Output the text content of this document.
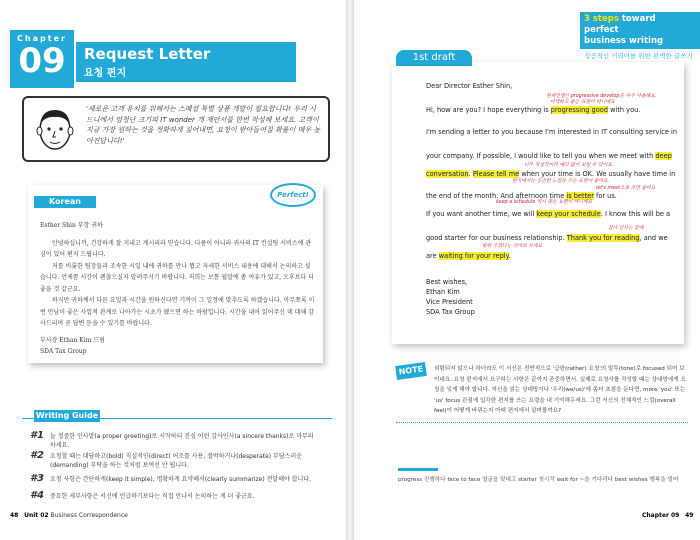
Chapter
09	Request Letter
요청 편지
'새로운 고객 유치를 위해서는 스페셜 특별 상품 개발이 필요합니다! 우리 시드니에서 엄청난 크기의 IT wonder 개 제안서를 한번 작성해 보세요. 고객이 지금 가장 원하는 것을 정확하게 짚어내면, 요청이 받아들여질 확률이 매우 높아진답니다!'
Korean version
Perfect!

Esther Shin 부장 귀하

안녕하십니까, 건강하게 잘 지내고 계시리라 믿습니다. 다름이 아니라 귀사의 IT 컨설팅 서비스에 관심이 있어 편지 드립니다.

저를 비롯한 팀장들과 조속한 시일 내에 귀하를 만나 뵙고 자세한 서비스 내용에 대해서 논의하고 싶습니다. 언제쯤 시간이 괜찮으실지 알려주시기 바랍니다. 저희는 보통 월말에 좀 여유가 있고, 오후보다 더 좋을 것 같군요.

하지만 귀하께서 다른 요일과 시간을 원하신다면 기꺼이 그 일정에 맞추도록 하겠습니다. 아무쪼록 이번 만남이 좋은 사업적 관계로 나아가는 시초가 됐으면 하는 바람입니다. 시간을 내어 읽어주신 데 대해 감사드리며 곧 답변 듣을 수 있기를 바랍니다.

부사장 Ethan Kim 드림

SDA Tax Group

Writing Guide
#1 늘 정중한 인사말(a proper greeting)로 시작하되 진심 어린 감사인사(a sincere thanks)로 마무리 하세요.
#2 요청할 때는 대담하고(bold) 직설적인(direct) 어조를 사용, 절박하거나(desperate) 부담스러운(demanding) 부탁을 하는 것처럼 보여선 안 됩니다.
#3 요청 사항은 간단하게(keep it simple), 명확하게 요약해서(clearly summarize) 전달해야 합니다.
#4 중요한 세부사항은 서신에 언급하기보다는 직접 만나서 논의하는 게 더 좋군요.
48 Unit 02 Business Correspondence
3 steps toward perfect
business writing
성공적인 커리어를 위한 완벽한 글쓰기
Dear Director Esther Shin,
현재진행은 progressive develop을 자주 사용해요.
어색하고 좋은 표현이 아니에요
Hi, how are you? I hope everything is progressing good with you.
I'm sending a letter to you because I'm interested in IT consulting service in
your company. If possible, I would like to tell you when we meet with deep
너무 직설적이라 예의 없어 보일 수 있어요.
conversation. Please tell me when your time is OK. We usually have time in
편지에서는 공손한 느낌을 주는 표현이 좋아요.
let's meet으로 쓰면 좋아요
the end of the month. And afternoon time is better for us.
keep a schedule 역시 맞는 표현이 아니에요
If you want another time, we will keep your schedule. I know this will be a
감사 인사는 끝에
good starter for our business relationship. Thank you for reading, and we
맞춰 주겠다는 의미로 쓰세요
are waiting for your reply.
Best wishes,
Ethan Kim
Vice President
SDA Tax Group
1st draft
NOTE	외람되지 않으나 하더라도 이 서신은 전반적으로 '급한(rather) 요청'의 말투(tone)로 focused 되어 보이네요. 요청 편지에서 요구하는 사항은 끝까지 존중하면서, 실제로 요청사를 작성할 때는 상대방에게 요청을 잊게 해야 합니다. 저신을 읽는 상대방이나 '우리(we/us)'에 좀더 초점을 둔다면, more 'you' 또는 'us' focus 관점에 입각한 편지를 쓰는 요령을 내 기억해두세요. 그런 서신의 전체적인 느낌(overall feel)이 어떻게 바뀌는지 아래 편지에서 살펴볼까요?
progress 진행하다 face to face 얼굴을 맞대고 starter 첫시작 wait for ~을 기다리다 best wishes 행복을 빌어
Chapter 09 49
